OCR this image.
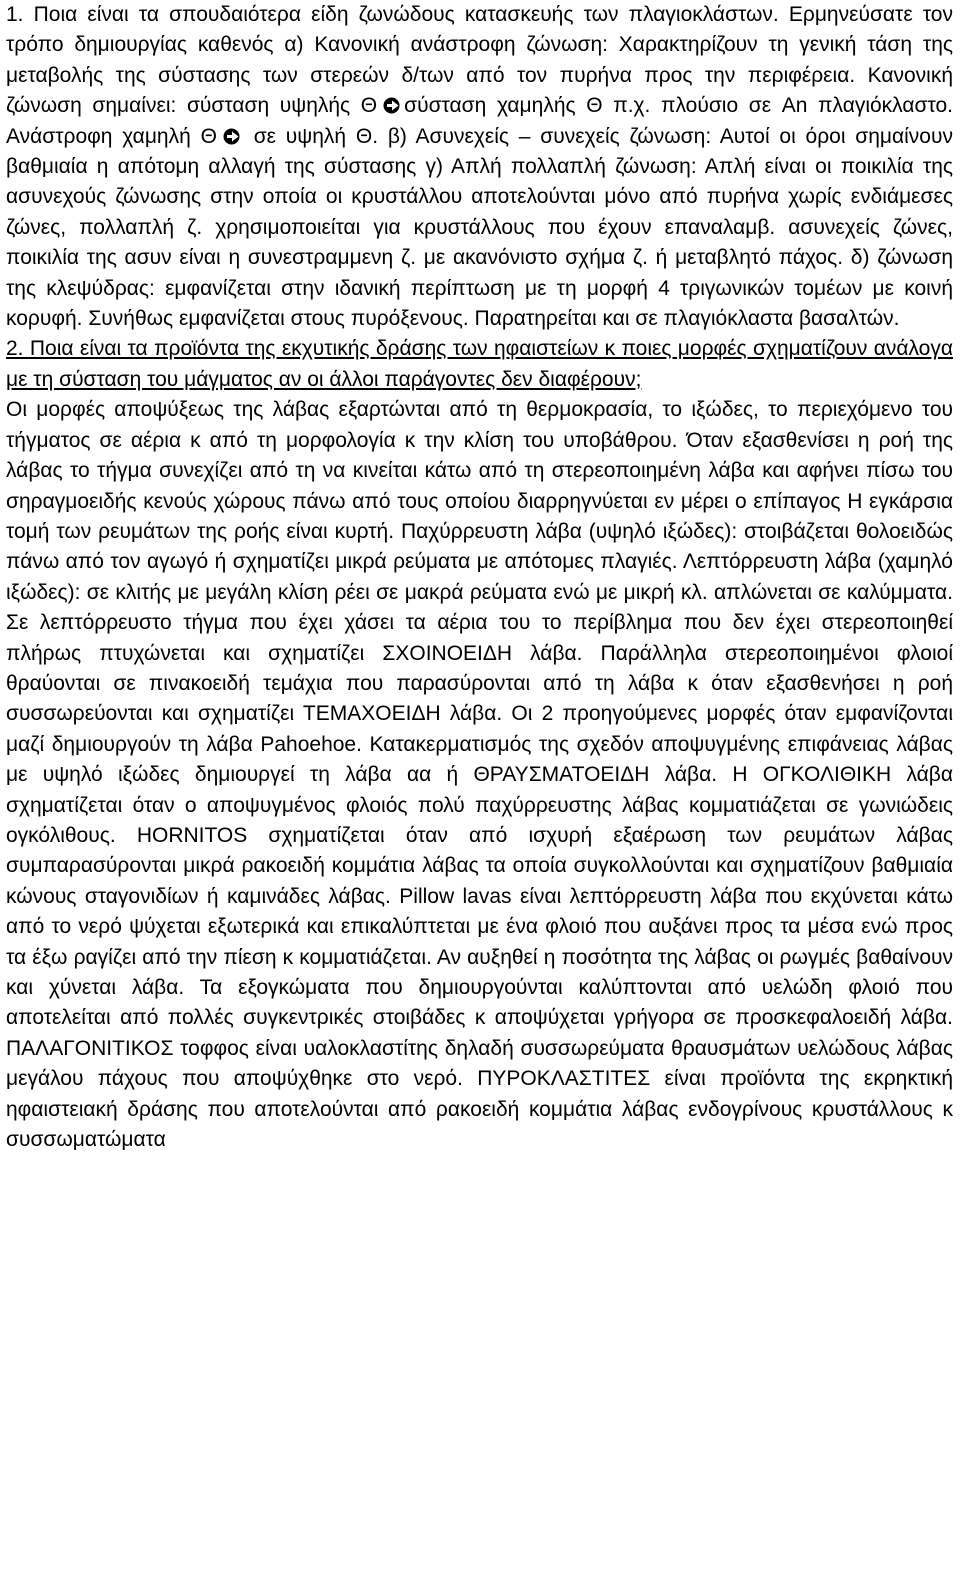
1. Ποια είναι τα σπουδαιότερα είδη ζωνώδους κατασκευής των πλαγιοκλάστων. Ερμηνεύσατε τον τρόπο δημιουργίας καθενός α) Κανονική ανάστροφη ζώνωση: Χαρακτηρίζουν τη γενική τάση της μεταβολής της σύστασης των στερεών δ/των από τον πυρήνα προς την περιφέρεια. Κανονική ζώνωση σημαίνει: σύσταση υψηλής Θ σύσταση χαμηλής Θ π.χ. πλούσιο σε An πλαγιόκλαστο. Ανάστροφη χαμηλή Θ
σε υψηλή Θ. β) Ασυνεχείς – συνεχείς ζώνωση: Αυτοί οι όροι σημαίνουν βαθμιαία η απότομη αλλαγή της σύστασης γ) Απλή πολλαπλή ζώνωση: Απλή είναι οι ποικιλία της ασυνεχούς ζώνωσης στην οποία οι κρυστάλλου αποτελούνται μόνο από πυρήνα χωρίς ενδιάμεσες ζώνες, πολλαπλή ζ. χρησιμοποιείται για κρυστάλλους που έχουν επαναλαμβ. ασυνεχείς ζώνες, ποικιλία της ασυν είναι η συνεστραμμενη ζ. με ακανόνιστο σχήμα ζ. ή μεταβλητό πάχος. δ) ζώνωση της κλεψύδρας: εμφανίζεται στην ιδανική περίπτωση με τη μορφή 4 τριγωνικών τομέων με κοινή κορυφή. Συνήθως εμφανίζεται στους πυρόξενους. Παρατηρείται και σε πλαγιόκλαστα βασαλτών.

2. Ποια είναι τα προϊόντα της εκχυτικής δράσης των ηφαιστείων κ ποιες μορφές σχηματίζουν ανάλογα με τη σύσταση του μάγματος αν οι άλλοι παράγοντες δεν διαφέρουν;

Οι μορφές αποψύξεως της λάβας εξαρτώνται από τη θερμοκρασία, το ιξώδες, το περιεχόμενο του τήγματος σε αέρια κ από τη μορφολογία κ την κλίση του υποβάθρου. Όταν εξασθενίσει η ροή της λάβας το τήγμα συνεχίζει από τη να κινείται κάτω από τη στερεοποιημένη λάβα και αφήνει πίσω του σηραγμοειδής κενούς χώρους πάνω από τους οποίου διαρρηγνύεται εν μέρει ο επίπαγος Η εγκάρσια τομή των ρευμάτων της ροής είναι κυρτή. Παχύρρευστη λάβα (υψηλό ιξώδες): στοιβάζεται θολοειδώς πάνω από τον αγωγό ή σχηματίζει μικρά ρεύματα με απότομες πλαγιές. Λεπτόρρευστη λάβα (χαμηλό ιξώδες): σε κλιτής με μεγάλη κλίση ρέει σε μακρά ρεύματα ενώ με μικρή κλ. απλώνεται σε καλύμματα. Σε λεπτόρρευστο τήγμα που έχει χάσει τα αέρια του το περίβλημα που δεν έχει στερεοποιηθεί πλήρως πτυχώνεται και σχηματίζει ΣΧΟΙΝΟΕΙΔΗ λάβα. Παράλληλα στερεοποιημένοι φλοιοί θραύονται σε πινακοειδή τεμάχια που παρασύρονται από τη λάβα κ όταν εξασθενήσει η ροή συσσωρεύονται και σχηματίζει ΤΕΜΑΧΟΕΙΔΗ λάβα. Οι 2 προηγούμενες μορφές όταν εμφανίζονται μαζί δημιουργούν τη λάβα Pahoehoe. Κατακερματισμός της σχεδόν αποψυγμένης επιφάνειας λάβας με υψηλό ιξώδες δημιουργεί τη λάβα αα ή ΘΡΑΥΣΜΑΤΟΕΙΔΗ λάβα. Η ΟΓΚΟΛΙΘΙΚΗ λάβα σχηματίζεται όταν ο αποψυγμένος φλοιός πολύ παχύρρευστης λάβας κομματιάζεται σε γωνιώδεις ογκόλιθους. HORNITOS σχηματίζεται όταν από ισχυρή εξαέρωση των ρευμάτων λάβας συμπαρασύρονται μικρά ρακοειδή κομμάτια λάβας τα οποία συγκολλούνται και σχηματίζουν βαθμιαία κώνους σταγονιδίων ή καμινάδες λάβας. Pillow lavas είναι λεπτόρρευστη λάβα που εκχύνεται κάτω από το νερό ψύχεται εξωτερικά και επικαλύπτεται με ένα φλοιό που αυξάνει προς τα μέσα ενώ προς τα έξω ραγίζει από την πίεση κ κομματιάζεται. Αν αυξηθεί η ποσότητα της λάβας οι ρωγμές βαθαίνουν και χύνεται λάβα. Τα εξογκώματα που δημιουργούνται καλύπτονται από υελώδη φλοιό που αποτελείται από πολλές συγκεντρικές στοιβάδες κ αποψύχεται γρήγορα σε προσκεφαλοειδή λάβα. ΠΑΛΑΓΟΝΙΤΙΚΟΣ τοφφος είναι υαλοκλαστίτης δηλαδή συσσωρεύματα θραυσμάτων υελώδους λάβας μεγάλου πάχους που αποψύχθηκε στο νερό. ΠΥΡΟΚΛΑΣΤΙΤΕΣ είναι προϊόντα της εκρηκτική ηφαιστειακή δράσης που αποτελούνται από ρακοειδή κομμάτια λάβας ενδογρίνους κρυστάλλους κ συσσωματώματα
